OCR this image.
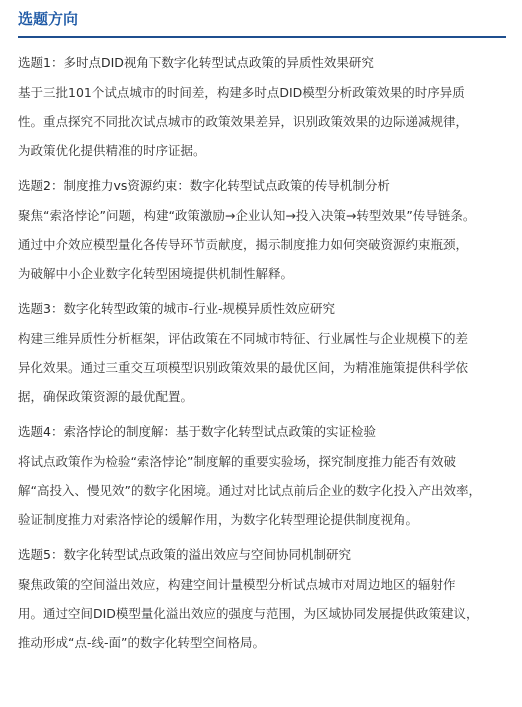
选题方向

选题1：多时点DID视角下数字化转型试点政策的异质性效果研究

基于三批101个试点城市的时间差，构建多时点DID模型分析政策效果的时序异质
性。重点探究不同批次试点城市的政策效果差异，识别政策效果的边际递减规律，
为政策优化提供精准的时序证据。

选题2：制度推力vs资源约束：数字化转型试点政策的传导机制分析

聚焦“索洛悖论”问题，构建“政策激励→企业认知→投入决策→转型效果”传导链条。
通过中介效应模型量化各传导环节贡献度，揭示制度推力如何突破资源约束瓶颈，
为破解中小企业数字化转型困境提供机制性解释。

选题3：数字化转型政策的城市-行业-规模异质性效应研究

构建三维异质性分析框架，评估政策在不同城市特征、行业属性与企业规模下的差
异化效果。通过三重交互项模型识别政策效果的最优区间，为精准施策提供科学依
据，确保政策资源的最优配置。

选题4：索洛悖论的制度解：基于数字化转型试点政策的实证检验

将试点政策作为检验“索洛悖论”制度解的重要实验场，探究制度推力能否有效破
解“高投入、慢见效”的数字化困境。通过对比试点前后企业的数字化投入产出效率，
验证制度推力对索洛悖论的缓解作用，为数字化转型理论提供制度视角。

选题5：数字化转型试点政策的溢出效应与空间协同机制研究

聚焦政策的空间溢出效应，构建空间计量模型分析试点城市对周边地区的辐射作
用。通过空间DID模型量化溢出效应的强度与范围，为区域协同发展提供政策建议，
推动形成“点-线-面”的数字化转型空间格局。
